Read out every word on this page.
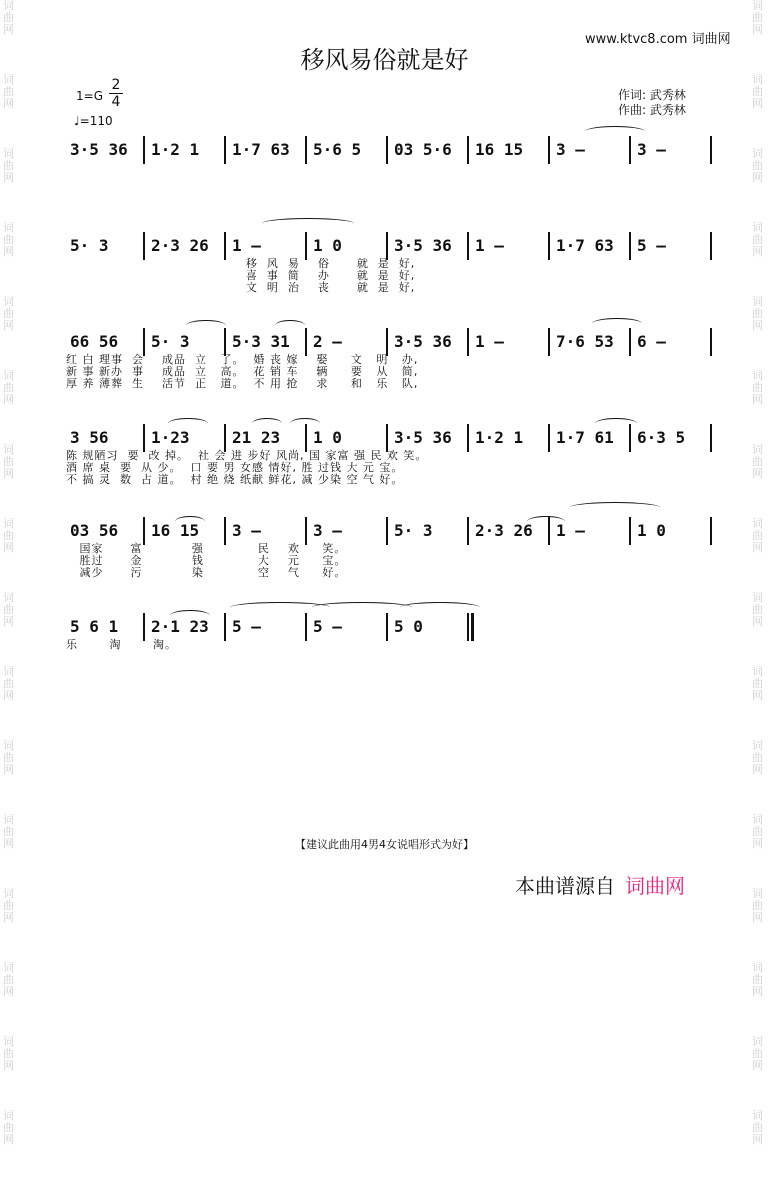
词
曲
网
词
曲
网
词
曲
网
词
曲
网
词
曲
网
词
曲
网
词
曲
网
词
曲
网
词
曲
网
词
曲
网
词
曲
网
词
曲
网
词
曲
网
词
曲
网
词
曲
网
词
曲
网
词
曲
网
词
曲
网
词
曲
网
词
曲
网
词
曲
网
词
曲
网
词
曲
网
词
曲
网
词
曲
网
词
曲
网
词
曲
网
词
曲
网
词
曲
网
词
曲
网
词
曲
网
词
曲
网
www.ktvc8.com 词曲网
移风易俗就是好
1=G
2
4
♩=110
作词: 武秀林
作曲: 武秀林
3·5 36 1·2 1 1·7 63 5·6 5 03 5·6 16 15 3 –	3 –
5· 3	2·3 26 1 –	1 0	3·5 36 1 –	1·7 63 5 –
移  风  易    俗      就  是  好,
喜  事  简    办      就  是  好,
文  明  治    丧      就  是  好,
66 56 5· 3	5·3 31 2 –	3·5 36 1 –	7·6 53 6 –
红 白 理事  会    成品  立   了。  婚 丧 嫁    娶     文   明   办,
新 事 新办  事    成品  立   高。  花 销 车    辆     要   从   简,
厚 养 薄葬  生    活节  正   道。  不 用 抢    求     和   乐   队,
3 56	1·23	21 23 1 0	3·5 36 1·2 1 1·7 61 6·3 5
陈 规陋习  要  改 掉。  社 会 进 步好 风尚, 国 家富 强 民 欢 笑。
酒 席 桌  要  从 少。  口 要 男 女感 情好, 胜 过钱 大 元 宝。
不 搞 灵  数  占 道。  村 绝 烧 纸献 鲜花, 减 少染 空 气 好。
03 56 16 15 3 –	3 –	5· 3	2·3 26 1 –	1 0
国家      富           强            民    欢     笑。
胜过      金           钱            大    元     宝。
减少      污           染            空    气     好。
5 6 1 2·1 23 5 –	5 –	5 0
乐       淘       淘。
【建议此曲用4男4女说唱形式为好】
本曲谱源自 词曲网
